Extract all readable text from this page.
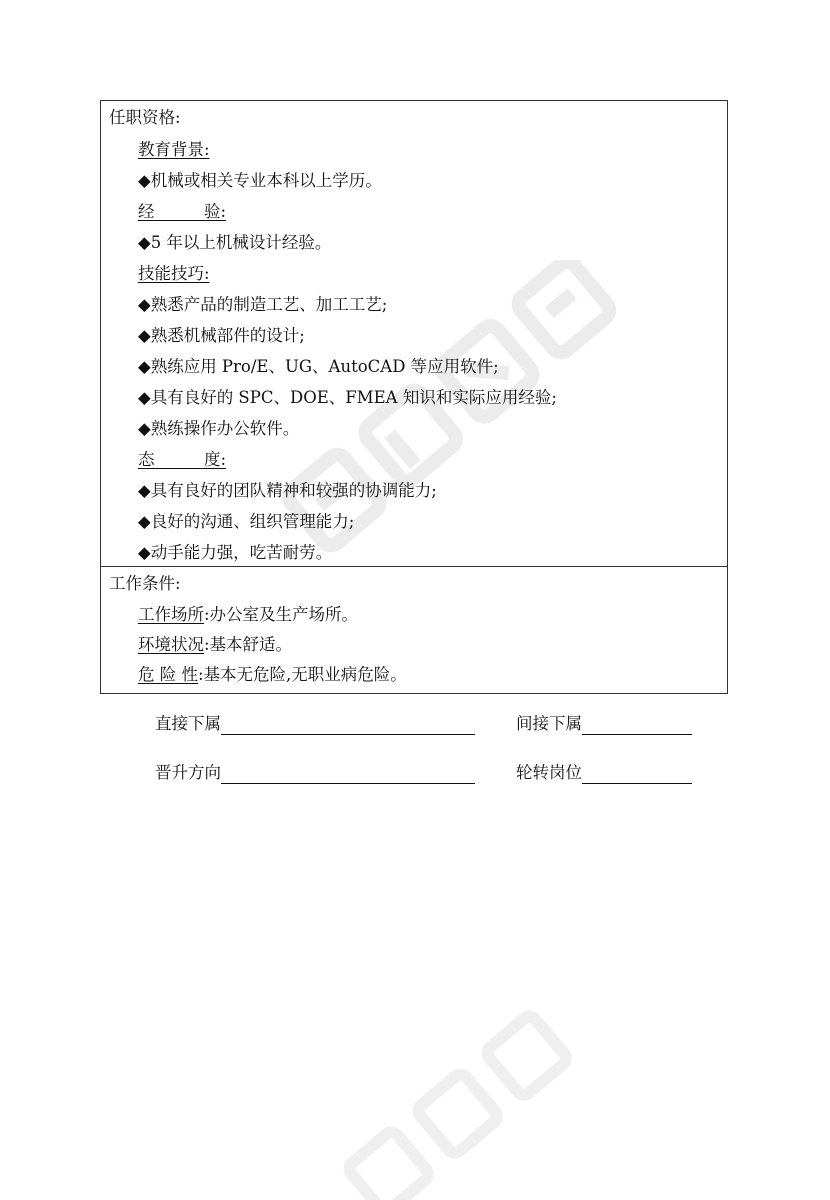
任职资格:
教育背景:
◆机械或相关专业本科以上学历。
经　　　验:
◆5 年以上机械设计经验。
技能技巧:
◆熟悉产品的制造工艺、加工工艺;
◆熟悉机械部件的设计;
◆熟练应用 Pro/E、UG、AutoCAD 等应用软件;
◆具有良好的 SPC、DOE、FMEA 知识和实际应用经验;
◆熟练操作办公软件。
态　　　度:
◆具有良好的团队精神和较强的协调能力;
◆良好的沟通、组织管理能力;
◆动手能力强，吃苦耐劳。
工作条件:
工作场所:办公室及生产场所。
环境状况:基本舒适。
危 险 性:基本无危险,无职业病危险。
直接下属	间接下属
晋升方向	轮转岗位
